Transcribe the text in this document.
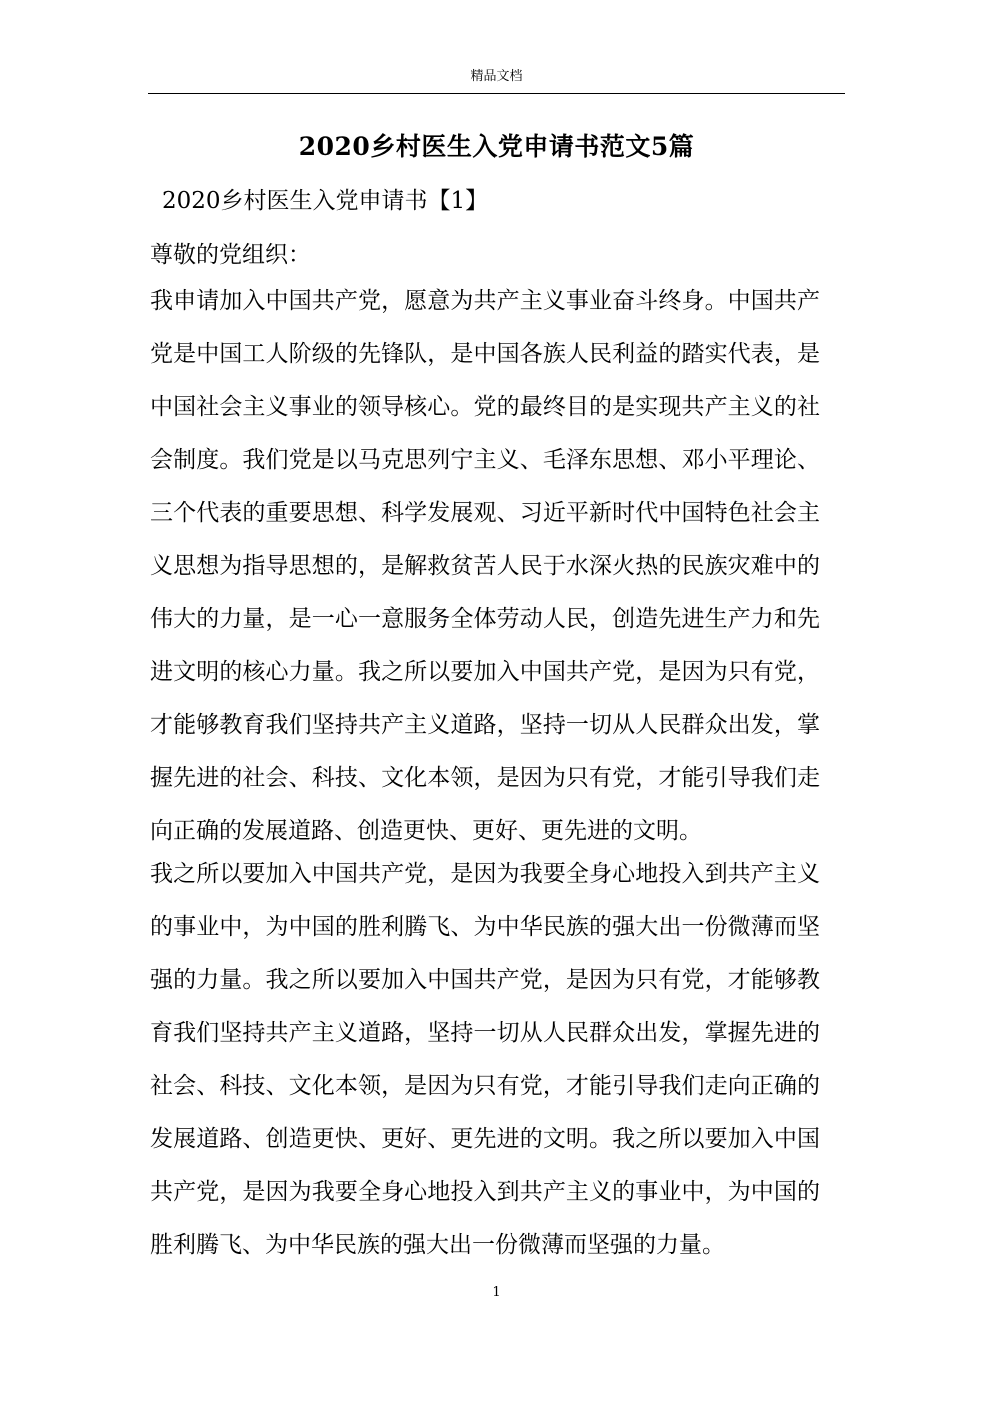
精品文档
2020乡村医生入党申请书范文5篇
2020乡村医生入党申请书【1】
尊敬的党组织：
我申请加入中国共产党，愿意为共产主义事业奋斗终身。中国共产
党是中国工人阶级的先锋队，是中国各族人民利益的踏实代表，是
中国社会主义事业的领导核心。党的最终目的是实现共产主义的社
会制度。我们党是以马克思列宁主义、毛泽东思想、邓小平理论、
三个代表的重要思想、科学发展观、习近平新时代中国特色社会主
义思想为指导思想的，是解救贫苦人民于水深火热的民族灾难中的
伟大的力量，是一心一意服务全体劳动人民，创造先进生产力和先
进文明的核心力量。我之所以要加入中国共产党，是因为只有党，
才能够教育我们坚持共产主义道路，坚持一切从人民群众出发，掌
握先进的社会、科技、文化本领，是因为只有党，才能引导我们走
向正确的发展道路、创造更快、更好、更先进的文明。
我之所以要加入中国共产党，是因为我要全身心地投入到共产主义
的事业中，为中国的胜利腾飞、为中华民族的强大出一份微薄而坚
强的力量。我之所以要加入中国共产党，是因为只有党，才能够教
育我们坚持共产主义道路，坚持一切从人民群众出发，掌握先进的
社会、科技、文化本领，是因为只有党，才能引导我们走向正确的
发展道路、创造更快、更好、更先进的文明。我之所以要加入中国
共产党，是因为我要全身心地投入到共产主义的事业中，为中国的
胜利腾飞、为中华民族的强大出一份微薄而坚强的力量。
1
